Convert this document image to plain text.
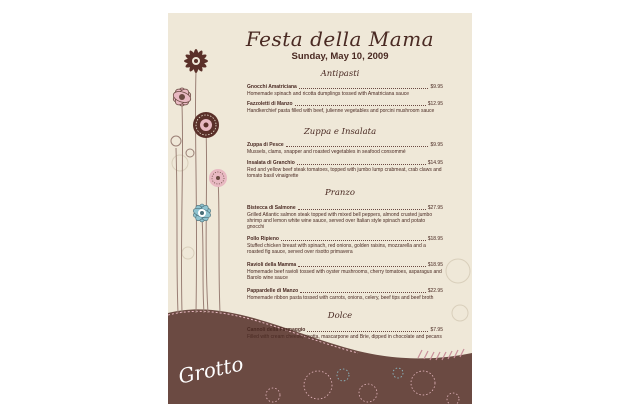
Festa della Mama
Sunday, May 10, 2009
Antipasti
Gnocchi Amatriciana	$9.95
Homemade spinach and ricotta dumplings tossed with Amatriciana sauce
Fazzoletti di Manzo	$12.95
Handkerchief pasta filled with beef, julienne vegetables and porcini mushroom sauce
Zuppa e Insalata
Zuppa di Pesce	$9.95
Mussels, clams, snapper and roasted vegetables in seafood consommé
Insalata di Granchio	$14.95
Red and yellow beef steak tomatoes, topped with jumbo lump crabmeat, crab claws and tomato basil vinaigrette
Pranzo
Bistecca di Salmone	$27.95
Grilled Atlantic salmon steak topped with mixed bell peppers, almond crusted jumbo shrimp and lemon white wine sauce, served over Italian style spinach and potato gnocchi
Pollo Ripieno	$18.95
Stuffed chicken breast with spinach, red onions, golden raisins, mozzarella and a roasted fig sauce, served over risotto primavera
Ravioli della Mamma	$18.95
Homemade beef ravioli tossed with oyster mushrooms, cherry tomatoes, asparagus and Barolo wine sauce
Pappardelle di Manzo	$22.95
Homemade ribbon pasta tossed with carrots, onions, celery, beef tips and beef broth
Dolce
Cannoli della Formaggio	$7.95
Filled with cream cheese, ricotta, mascarpone and Brie, dipped in chocolate and pecans
Grotto
